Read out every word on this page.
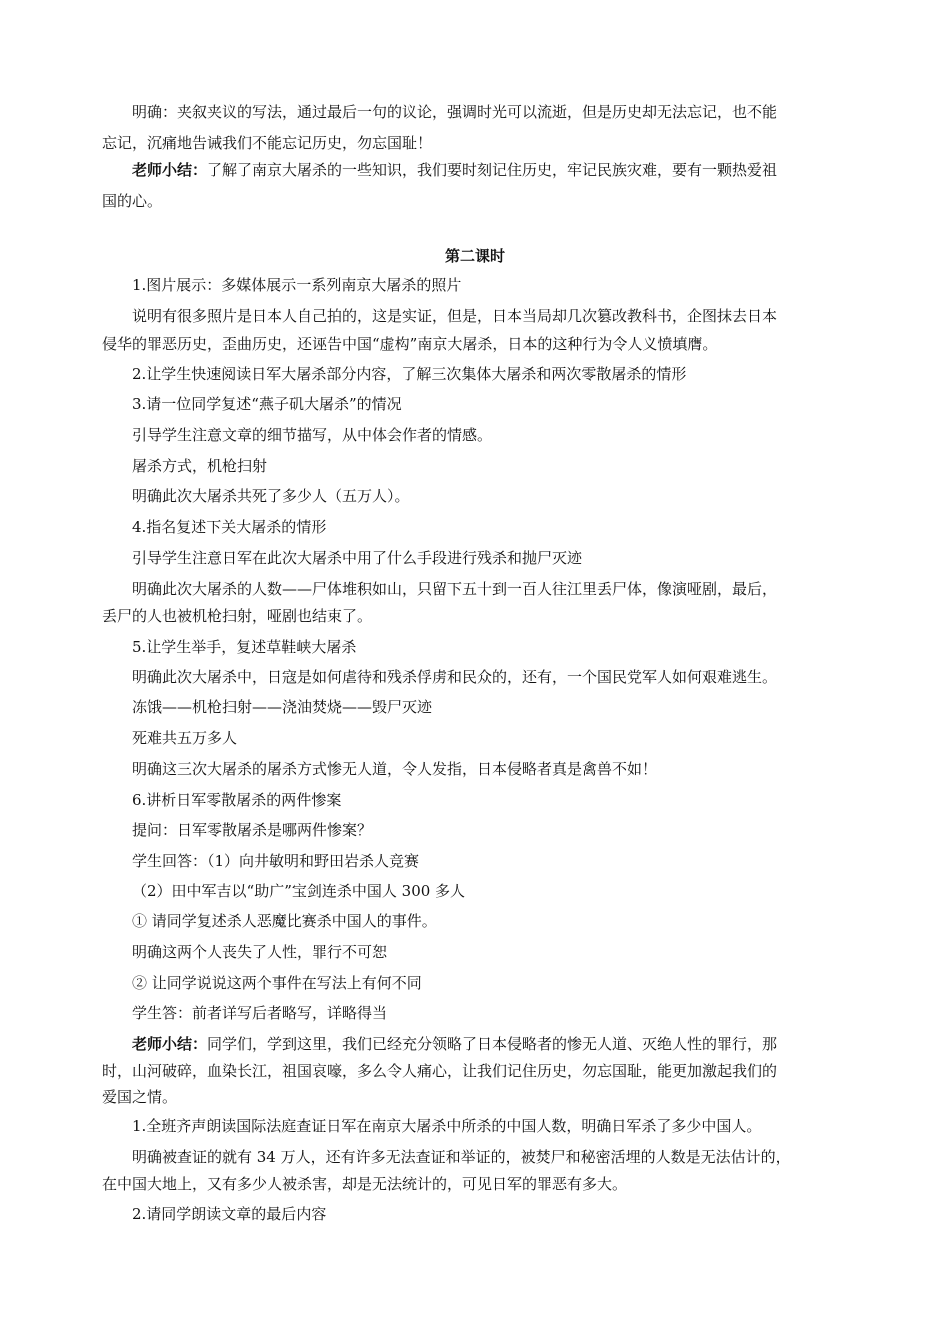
明确：夹叙夹议的写法，通过最后一句的议论，强调时光可以流逝，但是历史却无法忘记，也不能
忘记，沉痛地告诫我们不能忘记历史，勿忘国耻！
老师小结：了解了南京大屠杀的一些知识，我们要时刻记住历史，牢记民族灾难，要有一颗热爱祖
国的心。
第二课时
1.图片展示：多媒体展示一系列南京大屠杀的照片
说明有很多照片是日本人自己拍的，这是实证，但是，日本当局却几次篡改教科书，企图抹去日本
侵华的罪恶历史，歪曲历史，还诬告中国“虚构”南京大屠杀，日本的这种行为令人义愤填膺。
2.让学生快速阅读日军大屠杀部分内容，了解三次集体大屠杀和两次零散屠杀的情形
3.请一位同学复述“燕子矶大屠杀”的情况
引导学生注意文章的细节描写，从中体会作者的情感。
屠杀方式，机枪扫射
明确此次大屠杀共死了多少人（五万人）。
4.指名复述下关大屠杀的情形
引导学生注意日军在此次大屠杀中用了什么手段进行残杀和抛尸灭迹
明确此次大屠杀的人数——尸体堆积如山，只留下五十到一百人往江里丢尸体，像演哑剧，最后，
丢尸的人也被机枪扫射，哑剧也结束了。
5.让学生举手，复述草鞋峡大屠杀
明确此次大屠杀中，日寇是如何虐待和残杀俘虏和民众的，还有，一个国民党军人如何艰难逃生。
冻饿——机枪扫射——浇油焚烧——毁尸灭迹
死难共五万多人
明确这三次大屠杀的屠杀方式惨无人道，令人发指，日本侵略者真是禽兽不如！
6.讲析日军零散屠杀的两件惨案
提问：日军零散屠杀是哪两件惨案？
学生回答：（1）向井敏明和野田岩杀人竞赛
（2）田中军吉以“助广”宝剑连杀中国人 300 多人
① 请同学复述杀人恶魔比赛杀中国人的事件。
明确这两个人丧失了人性，罪行不可恕
② 让同学说说这两个事件在写法上有何不同
学生答：前者详写后者略写，详略得当
老师小结：同学们，学到这里，我们已经充分领略了日本侵略者的惨无人道、灭绝人性的罪行，那
时，山河破碎，血染长江，祖国哀嚎，多么令人痛心，让我们记住历史，勿忘国耻，能更加激起我们的
爱国之情。
1.全班齐声朗读国际法庭查证日军在南京大屠杀中所杀的中国人数，明确日军杀了多少中国人。
明确被查证的就有 34 万人，还有许多无法查证和举证的，被焚尸和秘密活埋的人数是无法估计的，
在中国大地上，又有多少人被杀害，却是无法统计的，可见日军的罪恶有多大。
2.请同学朗读文章的最后内容
